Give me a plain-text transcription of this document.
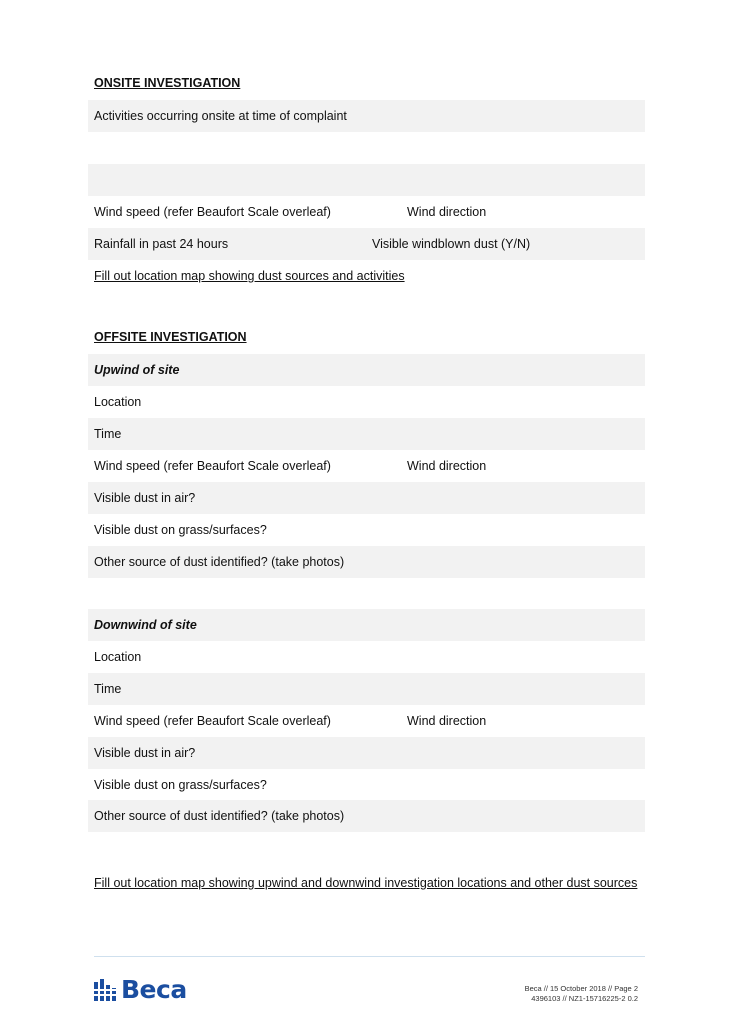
ONSITE INVESTIGATION
Activities occurring onsite at time of complaint
Wind speed (refer Beaufort Scale overleaf)	Wind direction
Rainfall in past 24 hours	Visible windblown dust (Y/N)
Fill out location map showing dust sources and activities
OFFSITE INVESTIGATION
Upwind of site
Location
Time
Wind speed (refer Beaufort Scale overleaf)	Wind direction
Visible dust in air?
Visible dust on grass/surfaces?
Other source of dust identified? (take photos)
Downwind of site
Location
Time
Wind speed (refer Beaufort Scale overleaf)	Wind direction
Visible dust in air?
Visible dust on grass/surfaces?
Other source of dust identified? (take photos)
Fill out location map showing upwind and downwind investigation locations and other dust sources
Beca	Beca // 15 October 2018 // Page 2
4396103 // NZ1-15716225-2 0.2
